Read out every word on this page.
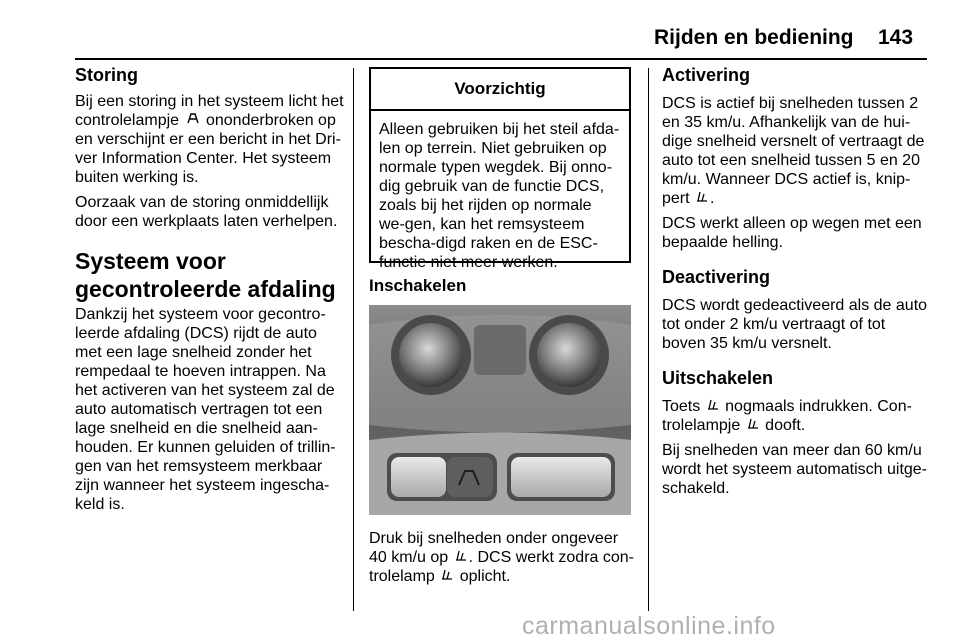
Rijden en bediening 143
Storing

Bij een storing in het systeem licht het controlelampje ononderbroken op en verschijnt er een bericht in het Dri-ver Information Center. Het systeem buiten werking is.

Oorzaak van de storing onmiddellijk door een werkplaats laten verhelpen.

Systeem voor gecontroleerde afdaling

Dankzij het systeem voor gecontro-leerde afdaling (DCS) rijdt de auto met een lage snelheid zonder het rempedaal te hoeven intrappen. Na het activeren van het systeem zal de auto automatisch vertragen tot een lage snelheid en die snelheid aan-houden. Er kunnen geluiden of trillin-gen van het remsysteem merkbaar zijn wanneer het systeem ingescha-keld is.

Voorzichtig
Alleen gebruiken bij het steil afda-len op terrein. Niet gebruiken op normale typen wegdek. Bij onno-dig gebruik van de functie DCS, zoals bij het rijden op normale we-gen, kan het remsysteem bescha-digd raken en de ESC-functie niet meer werken.
Inschakelen
Druk bij snelheden onder ongeveer 40 km/u op . DCS werkt zodra con-trolelamp oplicht.
Activering

DCS is actief bij snelheden tussen 2 en 35 km/u. Afhankelijk van de hui-dige snelheid versnelt of vertraagt de auto tot een snelheid tussen 5 en 20 km/u. Wanneer DCS actief is, knip-pert .

DCS werkt alleen op wegen met een bepaalde helling.

Deactivering

DCS wordt gedeactiveerd als de auto tot onder 2 km/u vertraagt of tot boven 35 km/u versnelt.

Uitschakelen

Toets nogmaals indrukken. Con-trolelampje dooft.

Bij snelheden van meer dan 60 km/u wordt het systeem automatisch uitge-schakeld.

carmanualsonline.info
